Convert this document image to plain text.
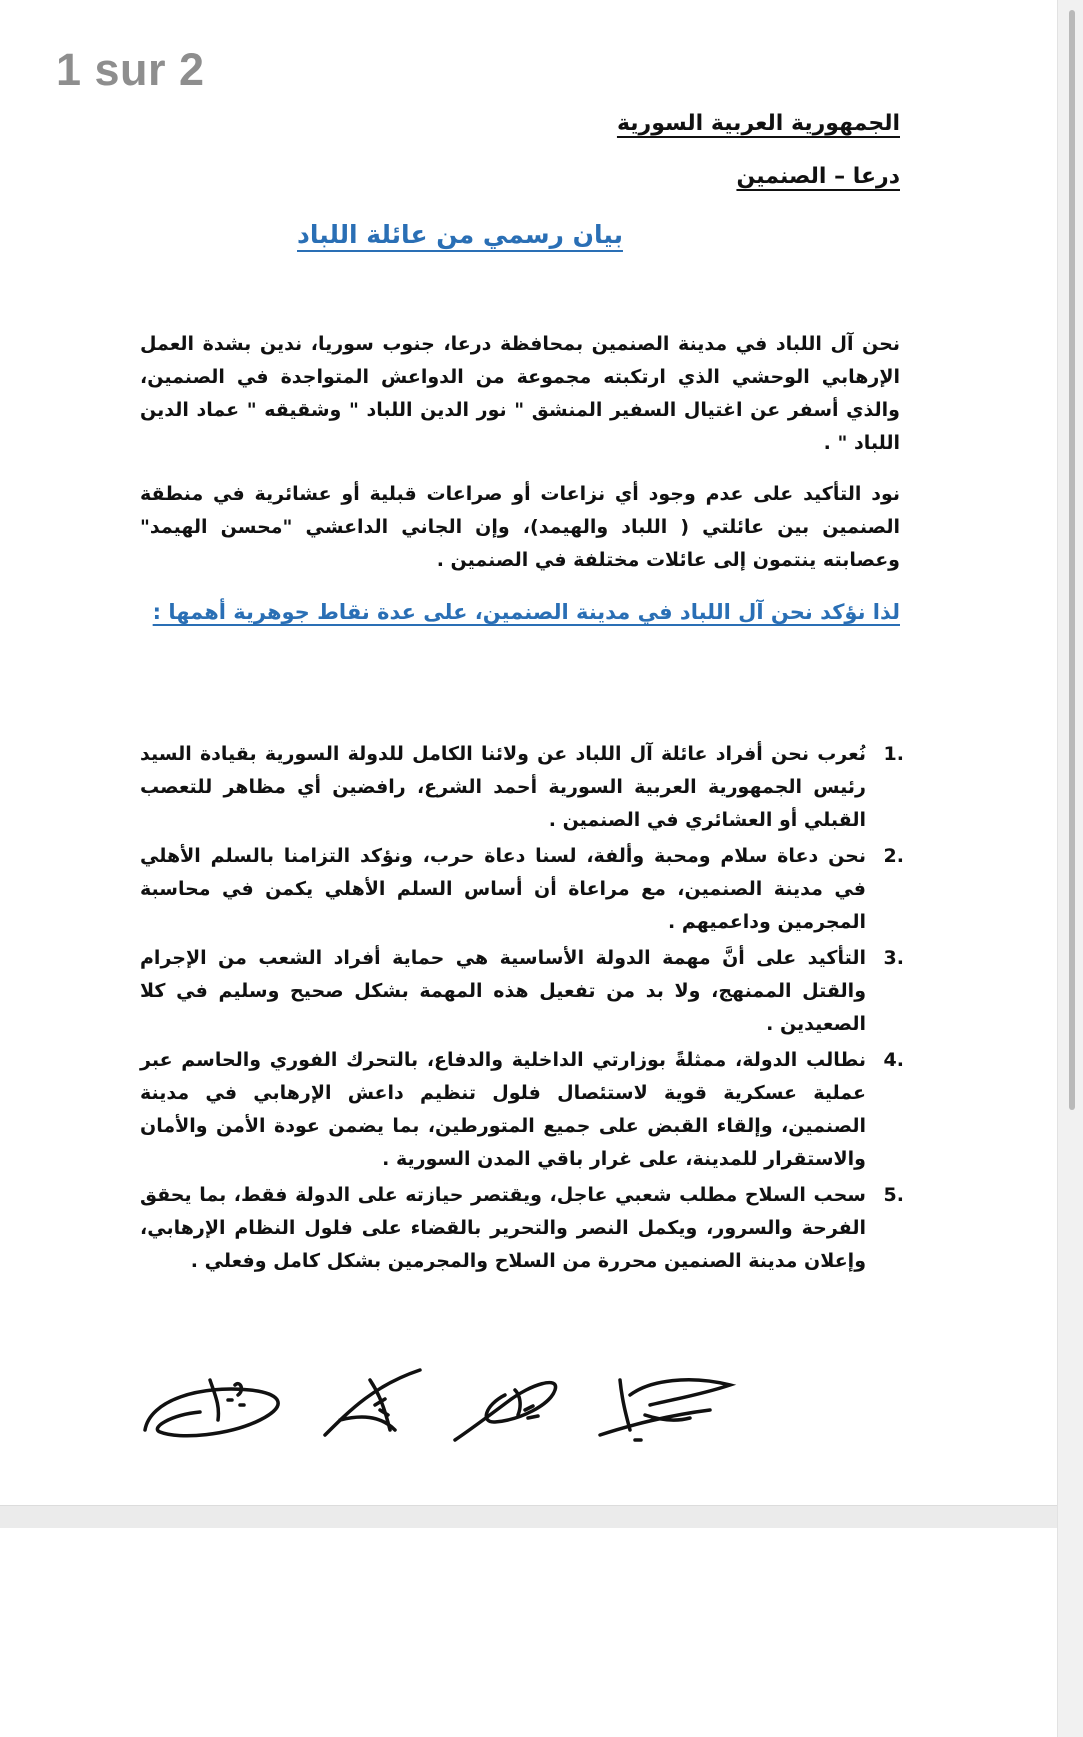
1 sur 2

الجمهورية العربية السورية

درعا – الصنمين

بيان رسمي من عائلة اللباد

نحن آل اللباد في مدينة الصنمين بمحافظة درعا، جنوب سوريا، ندين بشدة العمل الإرهابي الوحشي الذي ارتكبته مجموعة من الدواعش المتواجدة في الصنمين، والذي أسفر عن اغتيال السفير المنشق " نور الدين اللباد " وشقيقه " عماد الدين اللباد " .

نود التأكيد على عدم وجود أي نزاعات أو صراعات قبلية أو عشائرية في منطقة الصنمين بين عائلتي ( اللباد والهيمد)، وإن الجاني الداعشي "محسن الهيمد" وعصابته ينتمون إلى عائلات مختلفة في الصنمين .

لذا نؤكد نحن آل اللباد في مدينة الصنمين، على عدة نقاط جوهرية أهمها :

1.
نُعرب نحن أفراد عائلة آل اللباد عن ولائنا الكامل للدولة السورية بقيادة السيد رئيس الجمهورية العربية السورية أحمد الشرع، رافضين أي مظاهر للتعصب القبلي أو العشائري في الصنمين .
2.
نحن دعاة سلام ومحبة وألفة، لسنا دعاة حرب، ونؤكد التزامنا بالسلم الأهلي في مدينة الصنمين، مع مراعاة أن أساس السلم الأهلي يكمن في محاسبة المجرمين وداعميهم .
3.
التأكيد على أنَّ مهمة الدولة الأساسية هي حماية أفراد الشعب من الإجرام والقتل الممنهج، ولا بد من تفعيل هذه المهمة بشكل صحيح وسليم في كلا الصعيدين .
4.
نطالب الدولة، ممثلةً بوزارتي الداخلية والدفاع، بالتحرك الفوري والحاسم عبر عملية عسكرية قوية لاستئصال فلول تنظيم داعش الإرهابي في مدينة الصنمين، وإلقاء القبض على جميع المتورطين، بما يضمن عودة الأمن والأمان والاستقرار للمدينة، على غرار باقي المدن السورية .
5.
سحب السلاح مطلب شعبي عاجل، ويقتصر حيازته على الدولة فقط، بما يحقق الفرحة والسرور، ويكمل النصر والتحرير بالقضاء على فلول النظام الإرهابي، وإعلان مدينة الصنمين محررة من السلاح والمجرمين بشكل كامل وفعلي .
